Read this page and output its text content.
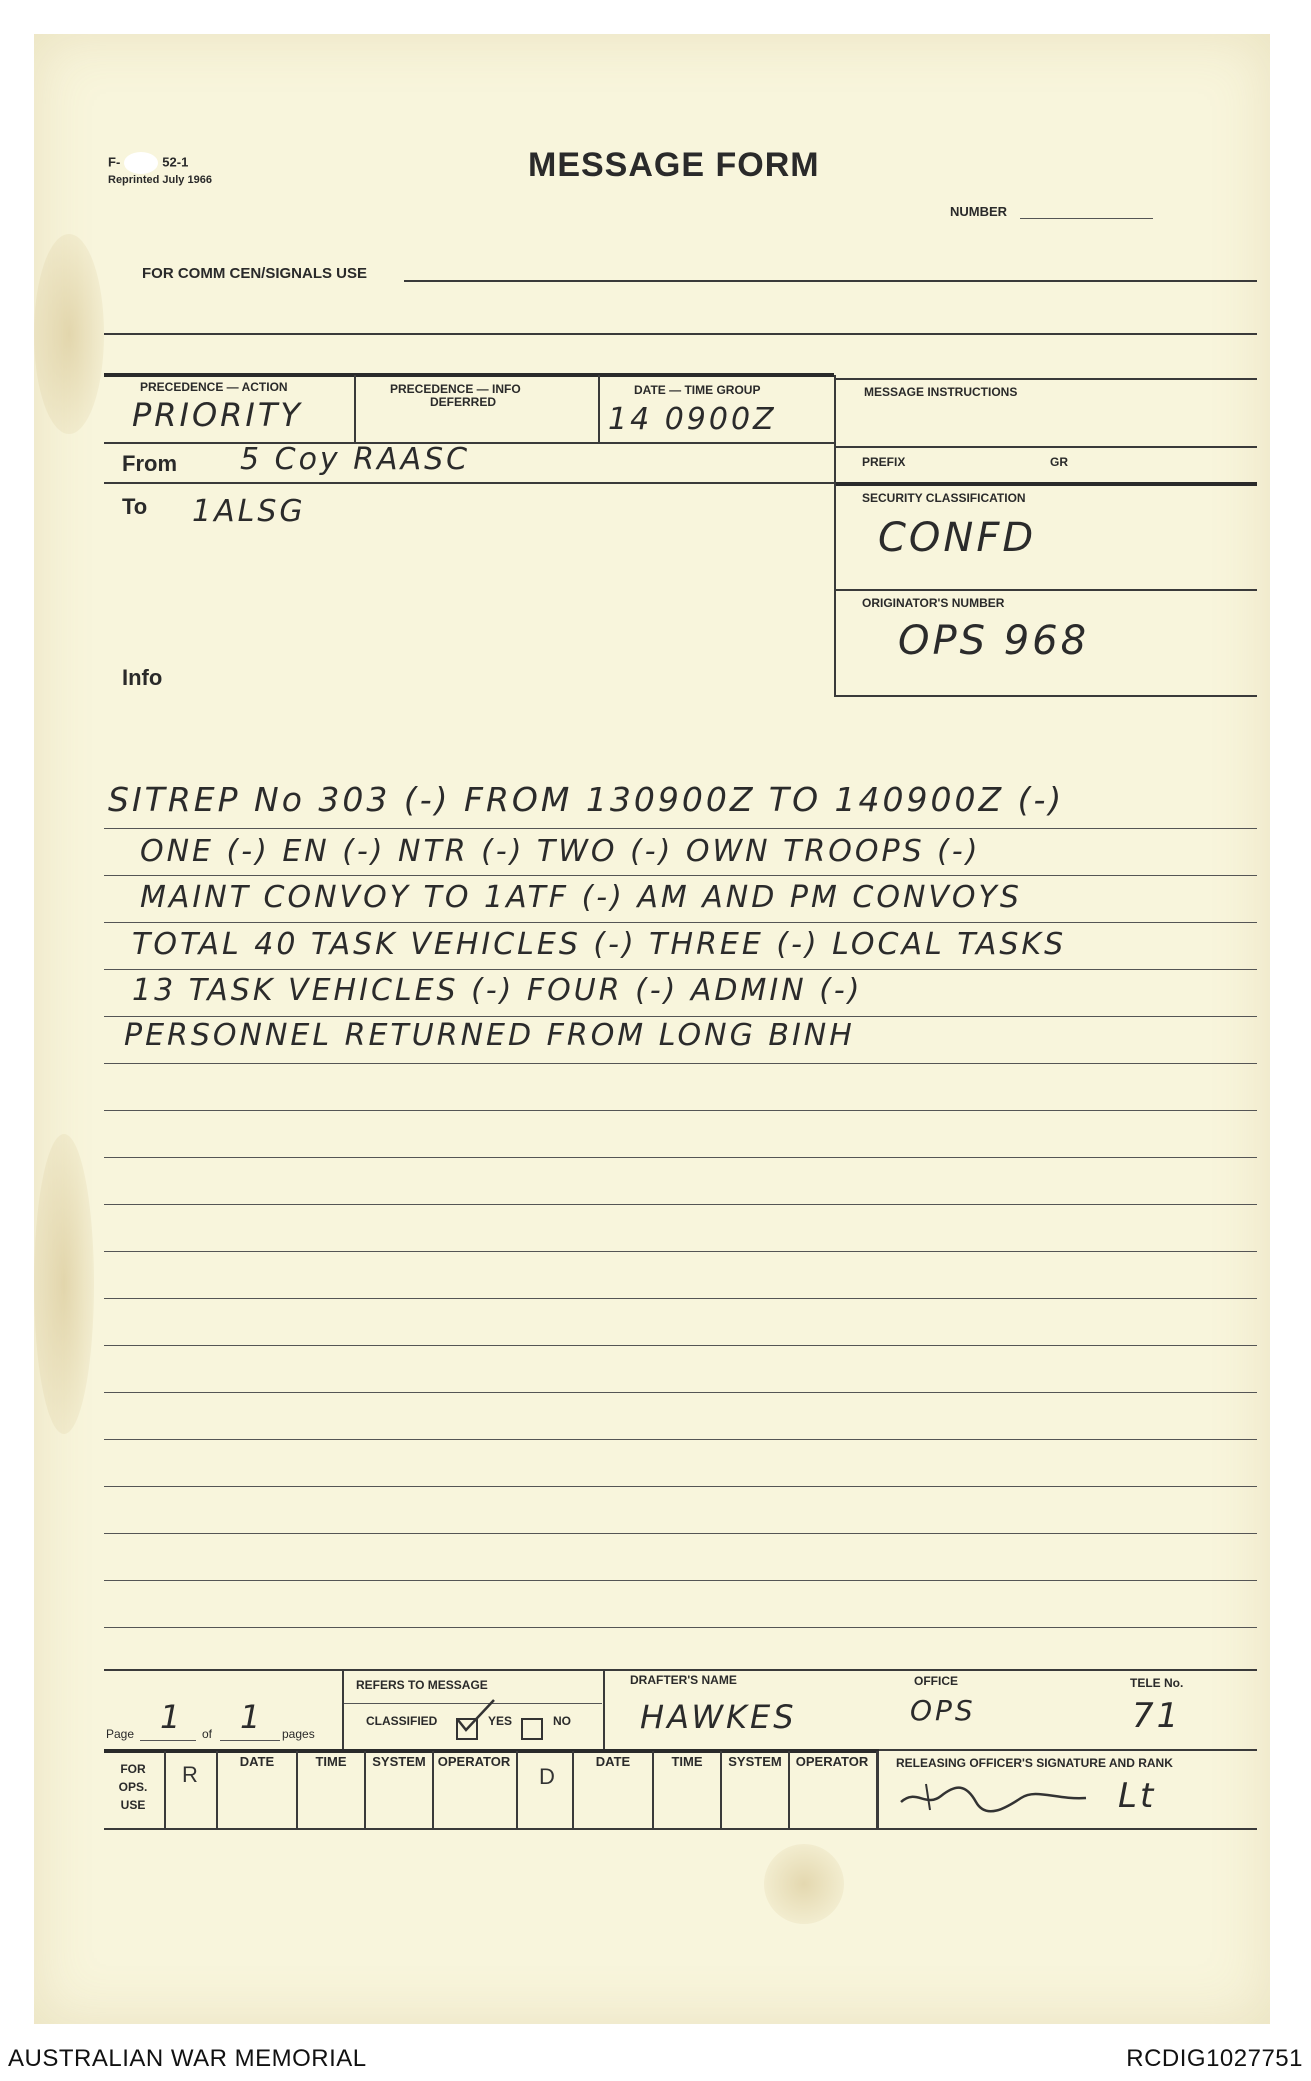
F-	52-1
Reprinted July 1966	MESSAGE FORM
NUMBER
FOR COMM CEN/SIGNALS USE
PRECEDENCE — ACTION
PRIORITY
PRECEDENCE — INFO
DEFERRED
DATE — TIME GROUP
14 0900Z
MESSAGE INSTRUCTIONS
PREFIX	GR
From 5 Coy RAASC
To 1ALSG	SECURITY CLASSIFICATION
CONFD
ORIGINATOR'S NUMBER
OPS 968
Info
SITREP No 303 (-) FROM 130900Z TO 140900Z (-)
ONE (-) EN (-) NTR (-) TWO (-) OWN TROOPS (-)
MAINT CONVOY TO 1ATF (-) AM AND PM CONVOYS
TOTAL 40 TASK VEHICLES (-) THREE (-) LOCAL TASKS
13 TASK VEHICLES (-) FOUR (-) ADMIN (-)
PERSONNEL RETURNED FROM LONG BINH
Page 1 of 1 pages
REFERS TO MESSAGE
CLASSIFIED	YES	NO
DRAFTER'S NAME
HAWKES
OFFICE
OPS
TELE No.
71
FOR OPS. USE
R
DATE	TIME	SYSTEM OPERATOR
D
DATE	TIME	SYSTEM	OPERATOR	RELEASING OFFICER'S SIGNATURE AND RANK
Lt
AUSTRALIAN WAR MEMORIAL	RCDIG1027751
